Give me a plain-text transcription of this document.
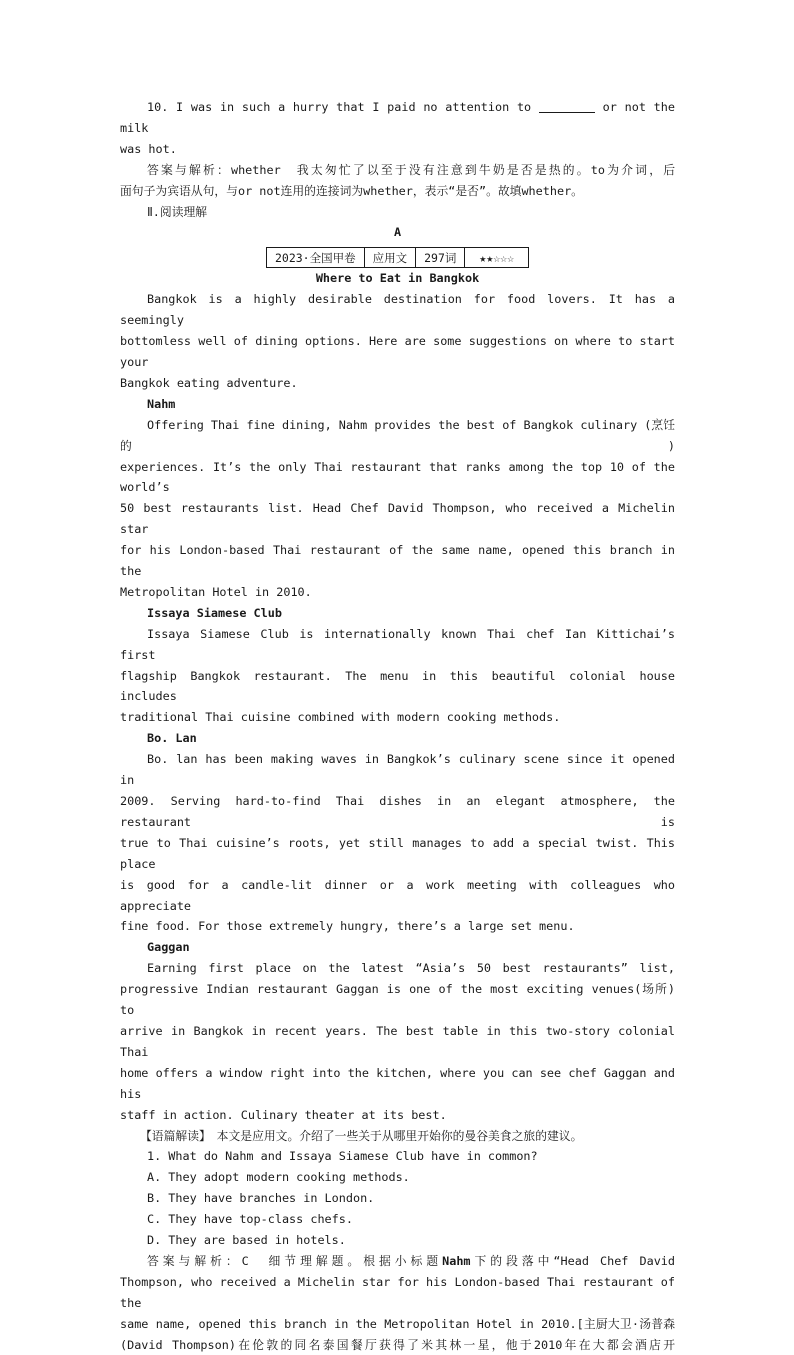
10. I was in such a hurry that I paid no attention to	or not the milk

was hot.

答案与解析：whether　我太匆忙了以至于没有注意到牛奶是否是热的。to为介词，后

面句子为宾语从句，与or not连用的连接词为whether，表示“是否”。故填whether。

Ⅱ.阅读理解

A

2023·全国甲卷	应用文	297词	★★☆☆☆

Where to Eat in Bangkok

Bangkok is a highly desirable destination for food lovers. It has a seemingly

bottomless well of dining options. Here are some suggestions on where to start your

Bangkok eating adventure.

Nahm

Offering Thai fine dining, Nahm provides the best of Bangkok culinary (烹饪的)

experiences. It’s the only Thai restaurant that ranks among the top 10 of the world’s

50 best restaurants list. Head Chef David Thompson, who received a Michelin star

for his London-based Thai restaurant of the same name, opened this branch in the

Metropolitan Hotel in 2010.

Issaya Siamese Club

Issaya Siamese Club is internationally known Thai chef Ian Kittichai’s first

flagship Bangkok restaurant. The menu in this beautiful colonial house includes

traditional Thai cuisine combined with modern cooking methods.

Bo. Lan

Bo. lan has been making waves in Bangkok’s culinary scene since it opened in

2009. Serving hard-to-find Thai dishes in an elegant atmosphere, the restaurant is

true to Thai cuisine’s roots, yet still manages to add a special twist. This place

is good for a candle-lit dinner or a work meeting with colleagues who appreciate

fine food. For those extremely hungry, there’s a large set menu.

Gaggan

Earning first place on the latest “Asia’s 50 best restaurants” list,

progressive Indian restaurant Gaggan is one of the most exciting venues(场所) to

arrive in Bangkok in recent years. The best table in this two-story colonial Thai

home offers a window right into the kitchen, where you can see chef Gaggan and his

staff in action. Culinary theater at its best.

【语篇解读】　本文是应用文。介绍了一些关于从哪里开始你的曼谷美食之旅的建议。

1. What do Nahm and Issaya Siamese Club have in common?

A. They adopt modern cooking methods.

B. They have branches in London.

C. They have top-class chefs.

D. They are based in hotels.

答案与解析：C　细节理解题。根据小标题Nahm下的段落中“Head Chef David

Thompson, who received a Michelin star for his London-based Thai restaurant of the

same name, opened this branch in the Metropolitan Hotel in 2010.[主厨大卫·汤普森

(David Thompson)在伦敦的同名泰国餐厅获得了米其林一星，他于2010年在大都会酒店开
